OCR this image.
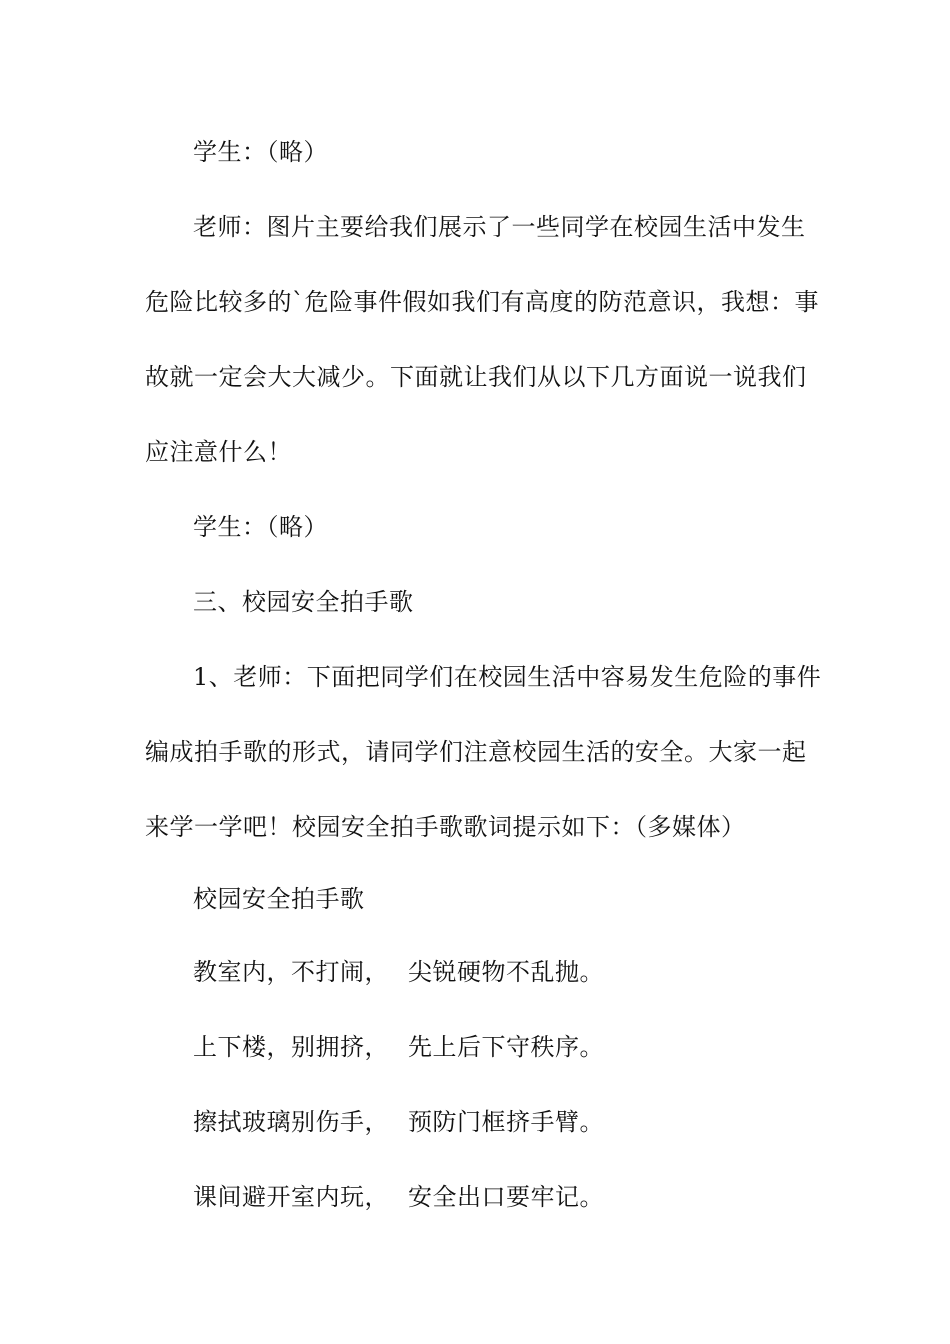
学生：（略）
老师：图片主要给我们展示了一些同学在校园生活中发生
危险比较多的`危险事件假如我们有高度的防范意识，我想：事
故就一定会大大减少。下面就让我们从以下几方面说一说我们
应注意什么！
学生：（略）
三、校园安全拍手歌
1、老师：下面把同学们在校园生活中容易发生危险的事件
编成拍手歌的形式，请同学们注意校园生活的安全。大家一起
来学一学吧！校园安全拍手歌歌词提示如下：（多媒体）
校园安全拍手歌
教室内，不打闹， 尖锐硬物不乱抛。
上下楼，别拥挤， 先上后下守秩序。
擦拭玻璃别伤手， 预防门框挤手臂。
课间避开室内玩， 安全出口要牢记。
